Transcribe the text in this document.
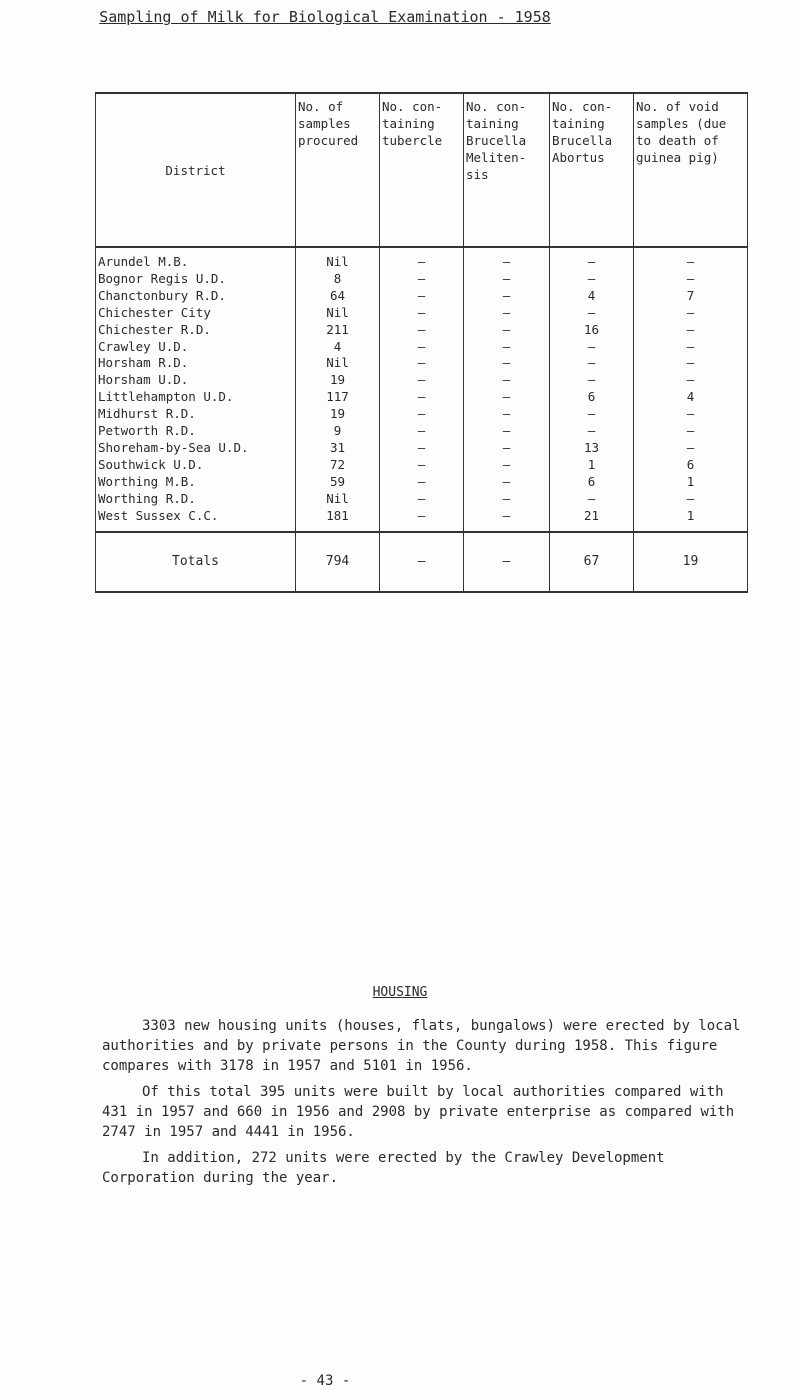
Sampling of Milk for Biological Examination - 1958
District	No. of samples procured	No. con- taining tubercle	No. con- taining Brucella Meliten- sis	No. con- taining Brucella Abortus	No. of void samples (due to death of guinea pig)
Arundel M.B.	Nil	–	–	–	–
Bognor Regis U.D.	8	–	–	–	–
Chanctonbury R.D.	64	–	–	4	7
Chichester City	Nil	–	–	–	–
Chichester R.D.	211	–	–	16	–
Crawley U.D.	4	–	–	–	–
Horsham R.D.	Nil	–	–	–	–
Horsham U.D.	19	–	–	–	–
Littlehampton U.D.	117	–	–	6	4
Midhurst R.D.	19	–	–	–	–
Petworth R.D.	9	–	–	–	–
Shoreham-by-Sea U.D.	31	–	–	13	–
Southwick U.D.	72	–	–	1	6
Worthing M.B.	59	–	–	6	1
Worthing R.D.	Nil	–	–	–	–
West Sussex C.C.	181	–	–	21	1
Totals	794	–	–	67	19
HOUSING

3303 new housing units (houses, flats, bungalows) were erected by local authorities and by private persons in the County during 1958. This figure compares with 3178 in 1957 and 5101 in 1956.

Of this total 395 units were built by local authorities compared with 431 in 1957 and 660 in 1956 and 2908 by private enterprise as compared with 2747 in 1957 and 4441 in 1956.

In addition, 272 units were erected by the Crawley Development Corporation during the year.

- 43 -
